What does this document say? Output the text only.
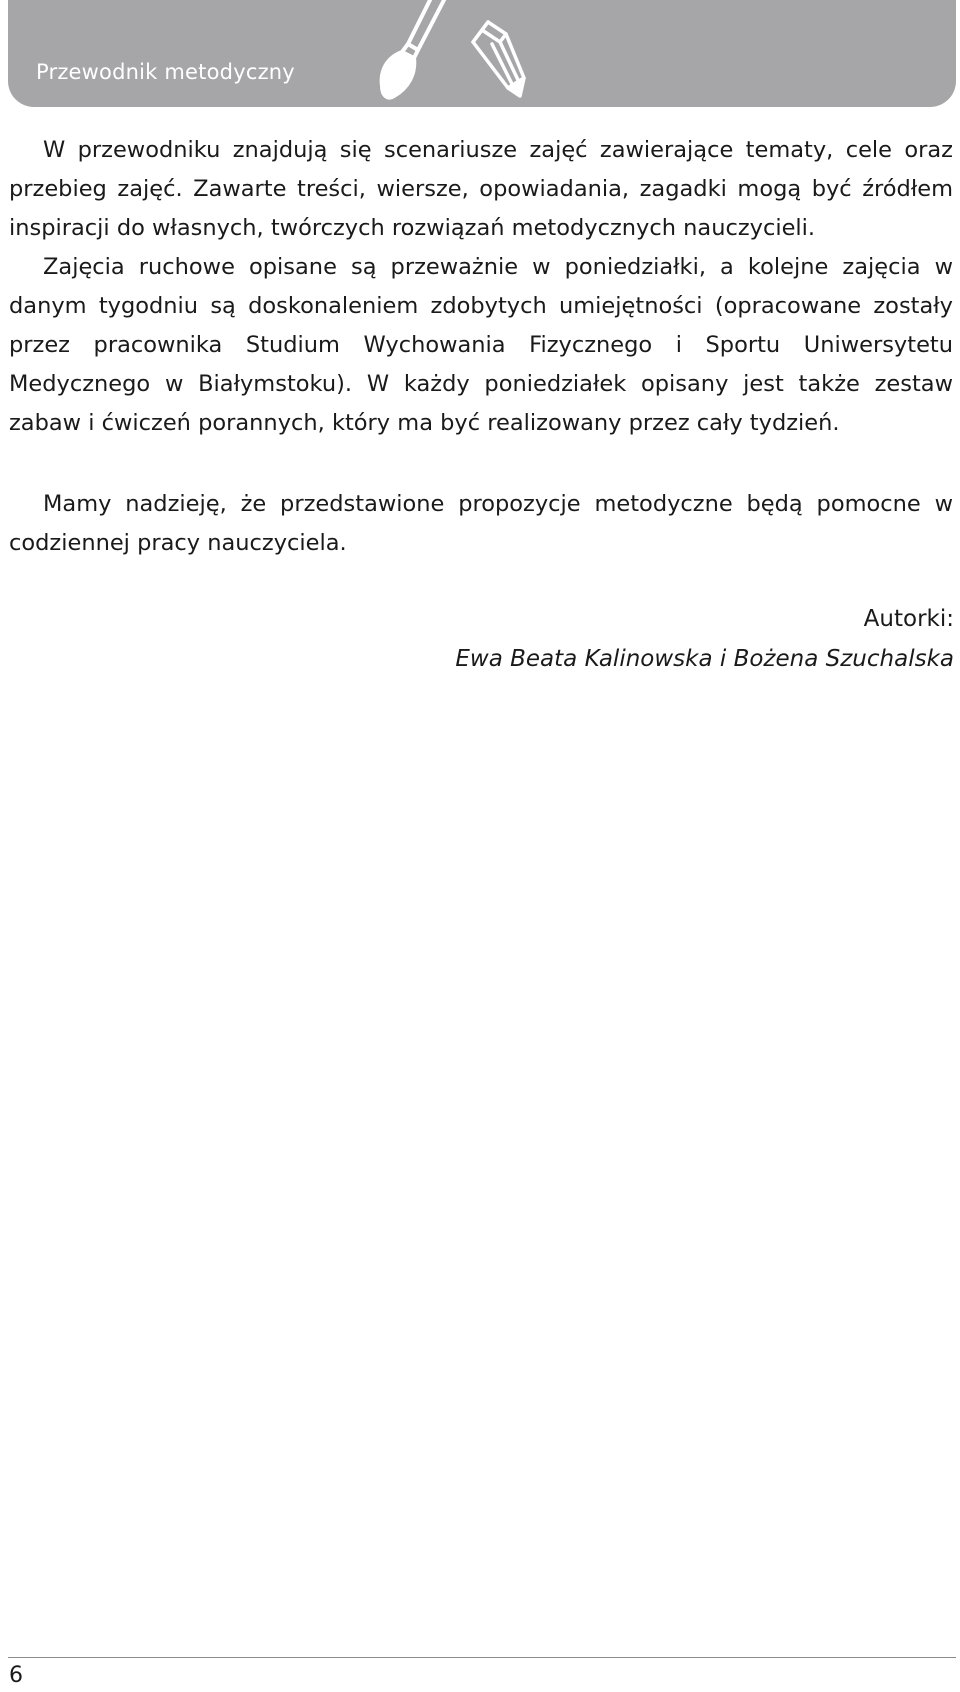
Przewodnik metodyczny

W przewodniku znajdują się scenariusze zajęć zawierające tematy, cele oraz przebieg zajęć. Zawarte treści, wiersze, opowiadania, zagadki mogą być źródłem inspiracji do własnych, twórczych rozwiązań metodycznych nauczycieli.
Zajęcia ruchowe opisane są przeważnie w poniedziałki, a kolejne zajęcia w danym tygodniu są doskonaleniem zdobytych umiejętności (opracowane zostały przez pracownika Studium Wychowania Fizycznego i Sportu Uniwersytetu Medycznego w Białymstoku). W każdy poniedziałek opisany jest także zestaw zabaw i ćwiczeń porannych, który ma być realizowany przez cały tydzień.

Mamy nadzieję, że przedstawione propozycje metodyczne będą pomocne w codziennej pracy nauczyciela.

Autorki:
Ewa Beata Kalinowska i Bożena Szuchalska
6
